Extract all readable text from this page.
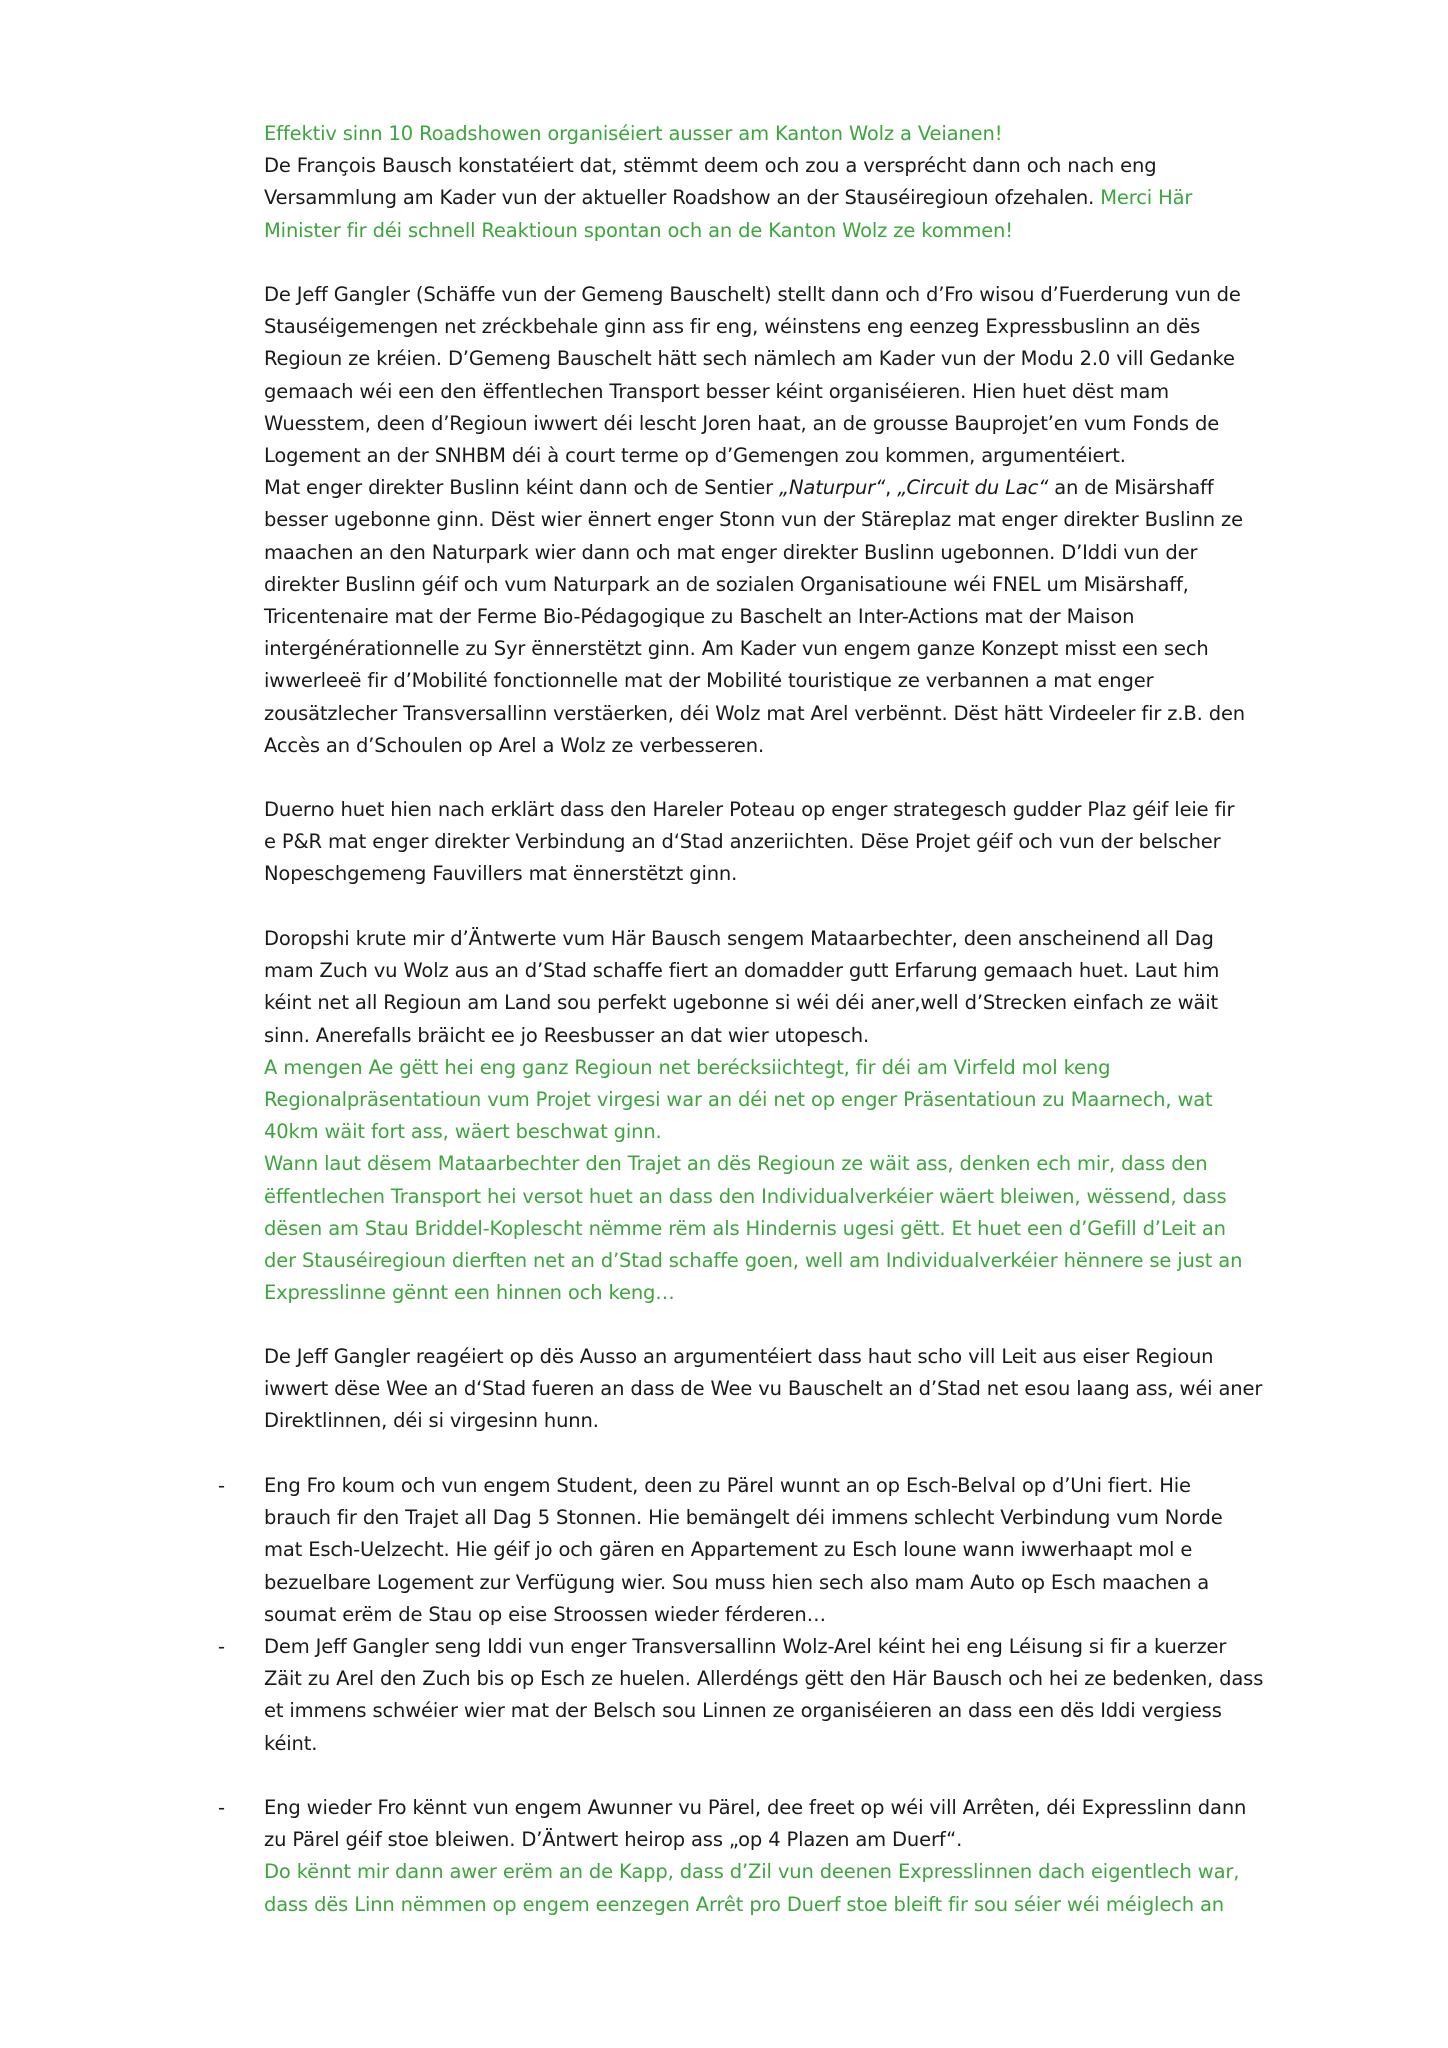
Effektiv sinn 10 Roadshowen organiséiert ausser am Kanton Wolz a Veianen!
De François Bausch konstatéiert dat, stëmmt deem och zou a versprécht dann och nach eng
Versammlung am Kader vun der aktueller Roadshow an der Stauséiregioun ofzehalen. Merci Här
Minister fir déi schnell Reaktioun spontan och an de Kanton Wolz ze kommen!
De Jeff Gangler (Schäffe vun der Gemeng Bauschelt) stellt dann och d’Fro wisou d’Fuerderung vun de
Stauséigemengen net zréckbehale ginn ass fir eng, wéinstens eng eenzeg Expressbuslinn an dës
Regioun ze kréien. D’Gemeng Bauschelt hätt sech nämlech am Kader vun der Modu 2.0 vill Gedanke
gemaach wéi een den ëffentlechen Transport besser kéint organiséieren. Hien huet dëst mam
Wuesstem, deen d’Regioun iwwert déi lescht Joren haat, an de grousse Bauprojet’en vum Fonds de
Logement an der SNHBM déi à court terme op d’Gemengen zou kommen, argumentéiert.
Mat enger direkter Buslinn kéint dann och de Sentier „Naturpur“, „Circuit du Lac“ an de Misärshaff
besser ugebonne ginn. Dëst wier ënnert enger Stonn vun der Stäreplaz mat enger direkter Buslinn ze
maachen an den Naturpark wier dann och mat enger direkter Buslinn ugebonnen. D’Iddi vun der
direkter Buslinn géif och vum Naturpark an de sozialen Organisatioune wéi FNEL um Misärshaff,
Tricentenaire mat der Ferme Bio-Pédagogique zu Baschelt an Inter-Actions mat der Maison
intergénérationnelle zu Syr ënnerstëtzt ginn. Am Kader vun engem ganze Konzept misst een sech
iwwerleeë fir d’Mobilité fonctionnelle mat der Mobilité touristique ze verbannen a mat enger
zousätzlecher Transversallinn verstäerken, déi Wolz mat Arel verbënnt. Dëst hätt Virdeeler fir z.B. den
Accès an d’Schoulen op Arel a Wolz ze verbesseren.
Duerno huet hien nach erklärt dass den Hareler Poteau op enger strategesch gudder Plaz géif leie fir
e P&R mat enger direkter Verbindung an d‘Stad anzeriichten. Dëse Projet géif och vun der belscher
Nopeschgemeng Fauvillers mat ënnerstëtzt ginn.
Doropshi krute mir d’Äntwerte vum Här Bausch sengem Mataarbechter, deen anscheinend all Dag
mam Zuch vu Wolz aus an d’Stad schaffe fiert an domadder gutt Erfarung gemaach huet. Laut him
kéint net all Regioun am Land sou perfekt ugebonne si wéi déi aner,well d’Strecken einfach ze wäit
sinn. Anerefalls bräicht ee jo Reesbusser an dat wier utopesch.
A mengen Ae gëtt hei eng ganz Regioun net berécksiichtegt, fir déi am Virfeld mol keng
Regionalpräsentatioun vum Projet virgesi war an déi net op enger Präsentatioun zu Maarnech, wat
40km wäit fort ass, wäert beschwat ginn.
Wann laut dësem Mataarbechter den Trajet an dës Regioun ze wäit ass, denken ech mir, dass den
ëffentlechen Transport hei versot huet an dass den Individualverkéier wäert bleiwen, wëssend, dass
dësen am Stau Briddel-Koplescht nëmme rëm als Hindernis ugesi gëtt. Et huet een d’Gefill d’Leit an
der Stauséiregioun dierften net an d’Stad schaffe goen, well am Individualverkéier hënnere se just an
Expresslinne gënnt een hinnen och keng…
De Jeff Gangler reagéiert op dës Ausso an argumentéiert dass haut scho vill Leit aus eiser Regioun
iwwert dëse Wee an d‘Stad fueren an dass de Wee vu Bauschelt an d’Stad net esou laang ass, wéi aner
Direktlinnen, déi si virgesinn hunn.
- Eng Fro koum och vun engem Student, deen zu Pärel wunnt an op Esch-Belval op d’Uni fiert. Hie
brauch fir den Trajet all Dag 5 Stonnen. Hie bemängelt déi immens schlecht Verbindung vum Norde
mat Esch-Uelzecht. Hie géif jo och gären en Appartement zu Esch loune wann iwwerhaapt mol e
bezuelbare Logement zur Verfügung wier. Sou muss hien sech also mam Auto op Esch maachen a
soumat erëm de Stau op eise Stroossen wieder férderen…
- Dem Jeff Gangler seng Iddi vun enger Transversallinn Wolz-Arel kéint hei eng Léisung si fir a kuerzer
Zäit zu Arel den Zuch bis op Esch ze huelen. Allerdéngs gëtt den Här Bausch och hei ze bedenken, dass
et immens schwéier wier mat der Belsch sou Linnen ze organiséieren an dass een dës Iddi vergiess
kéint.
- Eng wieder Fro kënnt vun engem Awunner vu Pärel, dee freet op wéi vill Arrêten, déi Expresslinn dann
zu Pärel géif stoe bleiwen. D’Äntwert heirop ass „op 4 Plazen am Duerf“.
Do kënnt mir dann awer erëm an de Kapp, dass d’Zil vun deenen Expresslinnen dach eigentlech war,
dass dës Linn nëmmen op engem eenzegen Arrêt pro Duerf stoe bleift fir sou séier wéi méiglech an
